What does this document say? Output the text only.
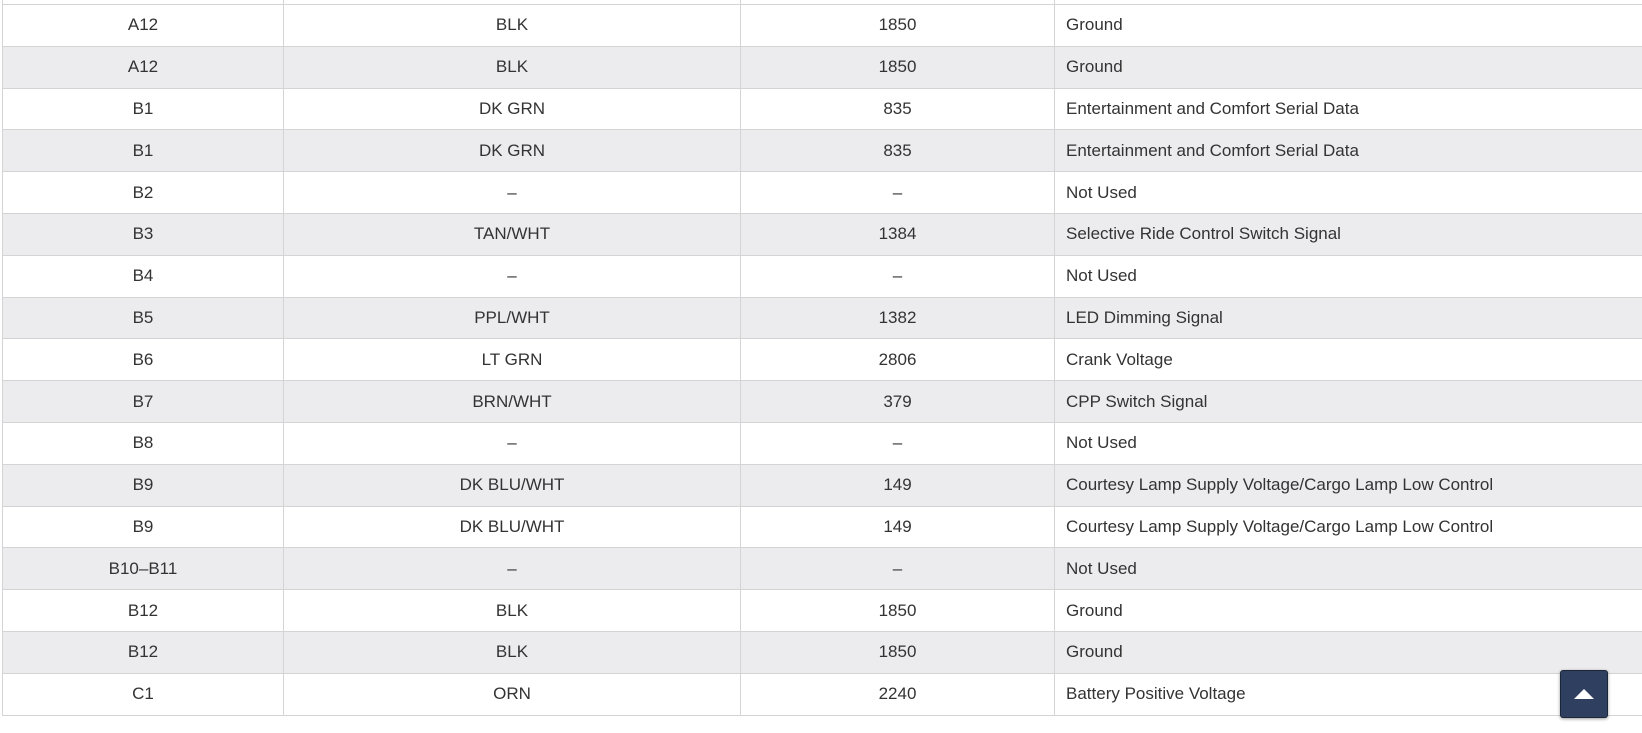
A12	BLK	1850	Ground
A12	BLK	1850	Ground
B1	DK GRN	835	Entertainment and Comfort Serial Data
B1	DK GRN	835	Entertainment and Comfort Serial Data
B2	–	–	Not Used
B3	TAN/WHT	1384	Selective Ride Control Switch Signal
B4	–	–	Not Used
B5	PPL/WHT	1382	LED Dimming Signal
B6	LT GRN	2806	Crank Voltage
B7	BRN/WHT	379	CPP Switch Signal
B8	–	–	Not Used
B9	DK BLU/WHT	149	Courtesy Lamp Supply Voltage/Cargo Lamp Low Control
B9	DK BLU/WHT	149	Courtesy Lamp Supply Voltage/Cargo Lamp Low Control
B10–B11	–	–	Not Used
B12	BLK	1850	Ground
B12	BLK	1850	Ground
C1	ORN	2240	Battery Positive Voltage
